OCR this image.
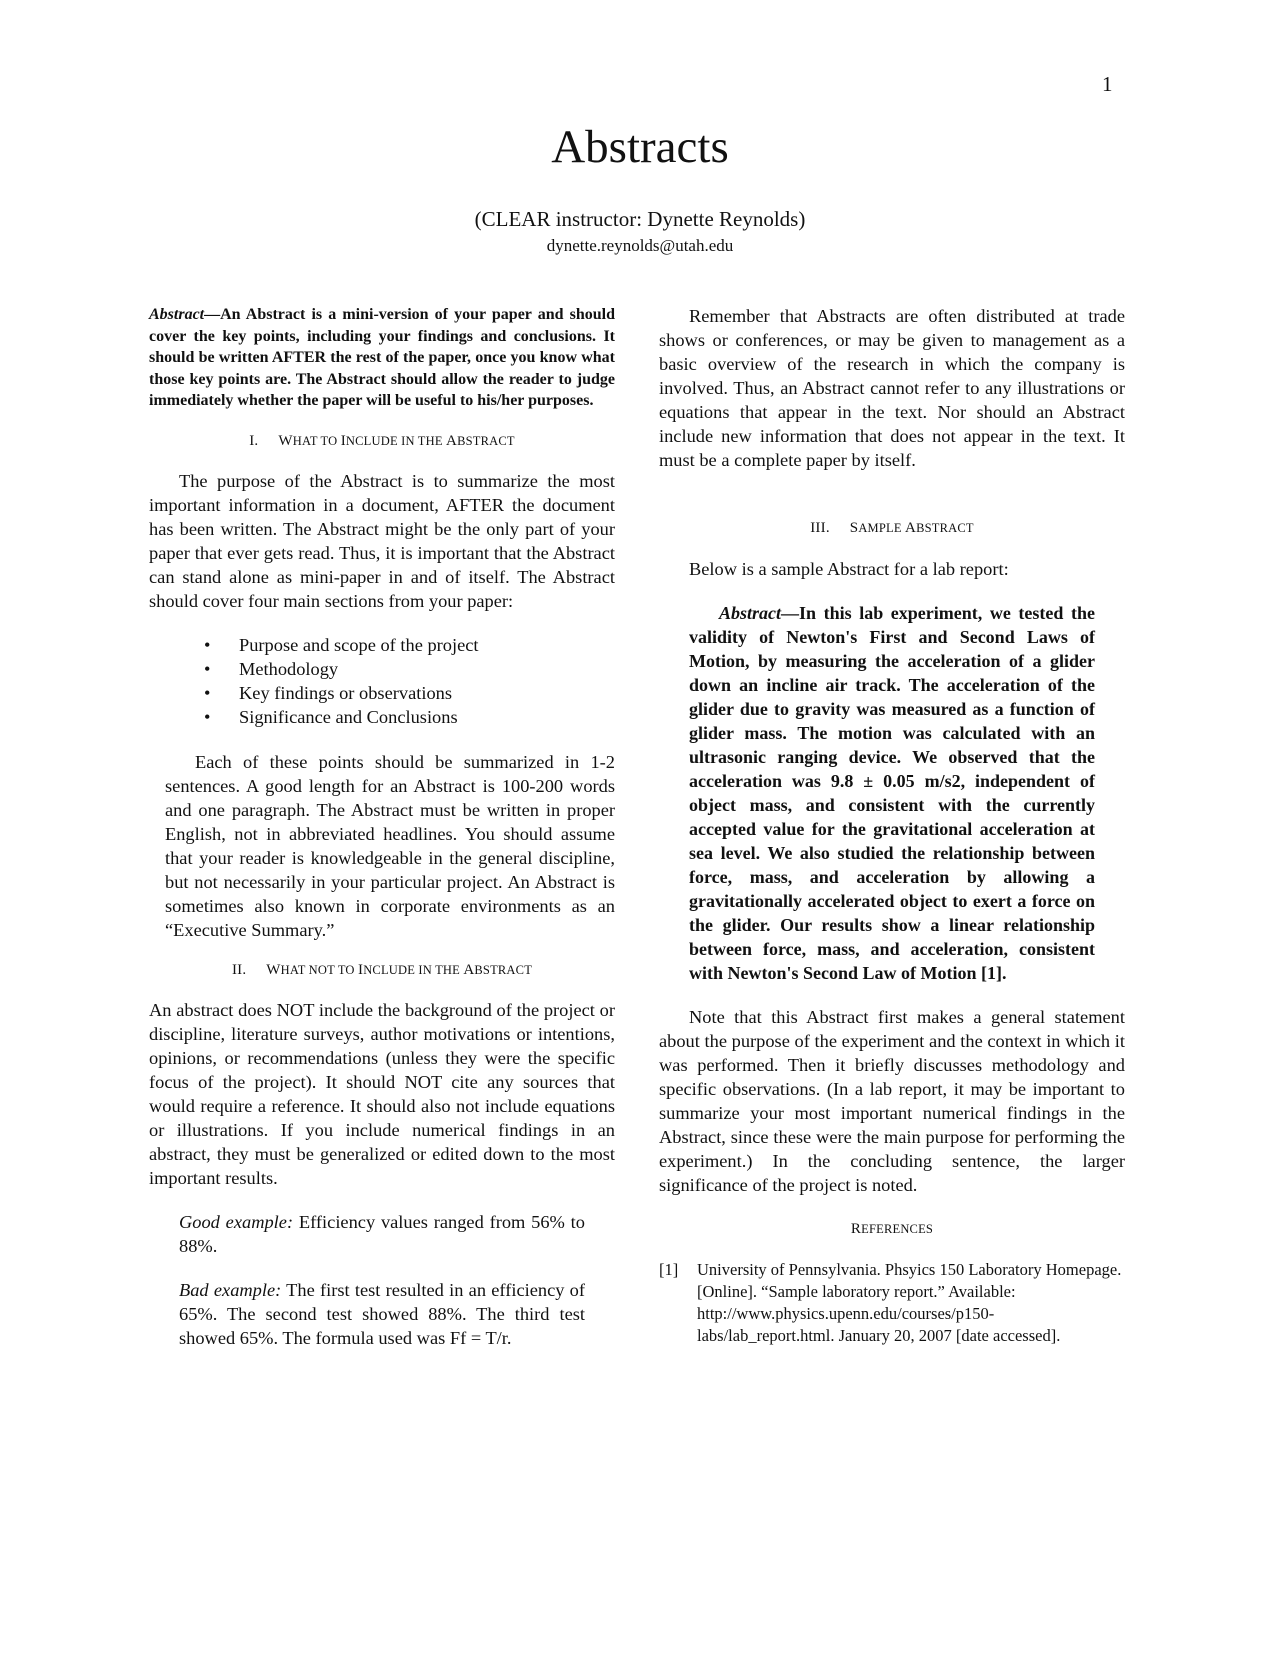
1
Abstracts
(CLEAR instructor: Dynette Reynolds)
dynette.reynolds@utah.edu

Abstract—An Abstract is a mini-version of your paper and should cover the key points, including your findings and conclusions. It should be written AFTER the rest of the paper, once you know what those key points are. The Abstract should allow the reader to judge immediately whether the paper will be useful to his/her purposes.

I. WHAT TO INCLUDE IN THE ABSTRACT

The purpose of the Abstract is to summarize the most important information in a document, AFTER the document has been written. The Abstract might be the only part of your paper that ever gets read. Thus, it is important that the Abstract can stand alone as mini-paper in and of itself. The Abstract should cover four main sections from your paper:

• Purpose and scope of the project
• Methodology
• Key findings or observations
• Significance and Conclusions

Each of these points should be summarized in 1-2 sentences. A good length for an Abstract is 100-200 words and one paragraph. The Abstract must be written in proper English, not in abbreviated headlines. You should assume that your reader is knowledgeable in the general discipline, but not necessarily in your particular project. An Abstract is sometimes also known in corporate environments as an “Executive Summary.”

II. WHAT NOT TO INCLUDE IN THE ABSTRACT

An abstract does NOT include the background of the project or discipline, literature surveys, author motivations or intentions, opinions, or recommendations (unless they were the specific focus of the project). It should NOT cite any sources that would require a reference. It should also not include equations or illustrations. If you include numerical findings in an abstract, they must be generalized or edited down to the most important results.

Good example: Efficiency values ranged from 56% to 88%.

Bad example: The first test resulted in an efficiency of 65%. The second test showed 88%. The third test showed 65%. The formula used was Ff = T/r.

Remember that Abstracts are often distributed at trade shows or conferences, or may be given to management as a basic overview of the research in which the company is involved. Thus, an Abstract cannot refer to any illustrations or equations that appear in the text. Nor should an Abstract include new information that does not appear in the text. It must be a complete paper by itself.

III. SAMPLE ABSTRACT

Below is a sample Abstract for a lab report:

Abstract—In this lab experiment, we tested the validity of Newton's First and Second Laws of Motion, by measuring the acceleration of a glider down an incline air track. The acceleration of the glider due to gravity was measured as a function of glider mass. The motion was calculated with an ultrasonic ranging device. We observed that the acceleration was 9.8 ± 0.05 m/s2, independent of object mass, and consistent with the currently accepted value for the gravitational acceleration at sea level. We also studied the relationship between force, mass, and acceleration by allowing a gravitationally accelerated object to exert a force on the glider. Our results show a linear relationship between force, mass, and acceleration, consistent with Newton's Second Law of Motion [1].

Note that this Abstract first makes a general statement about the purpose of the experiment and the context in which it was performed. Then it briefly discusses methodology and specific observations. (In a lab report, it may be important to summarize your most important numerical findings in the Abstract, since these were the main purpose for performing the experiment.) In the concluding sentence, the larger significance of the project is noted.

REFERENCES
[1]	University of Pennsylvania. Phsyics 150 Laboratory Homepage. [Online]. “Sample laboratory report.” Available: http://www.physics.upenn.edu/courses/p150-labs/lab_report.html. January 20, 2007 [date accessed].
